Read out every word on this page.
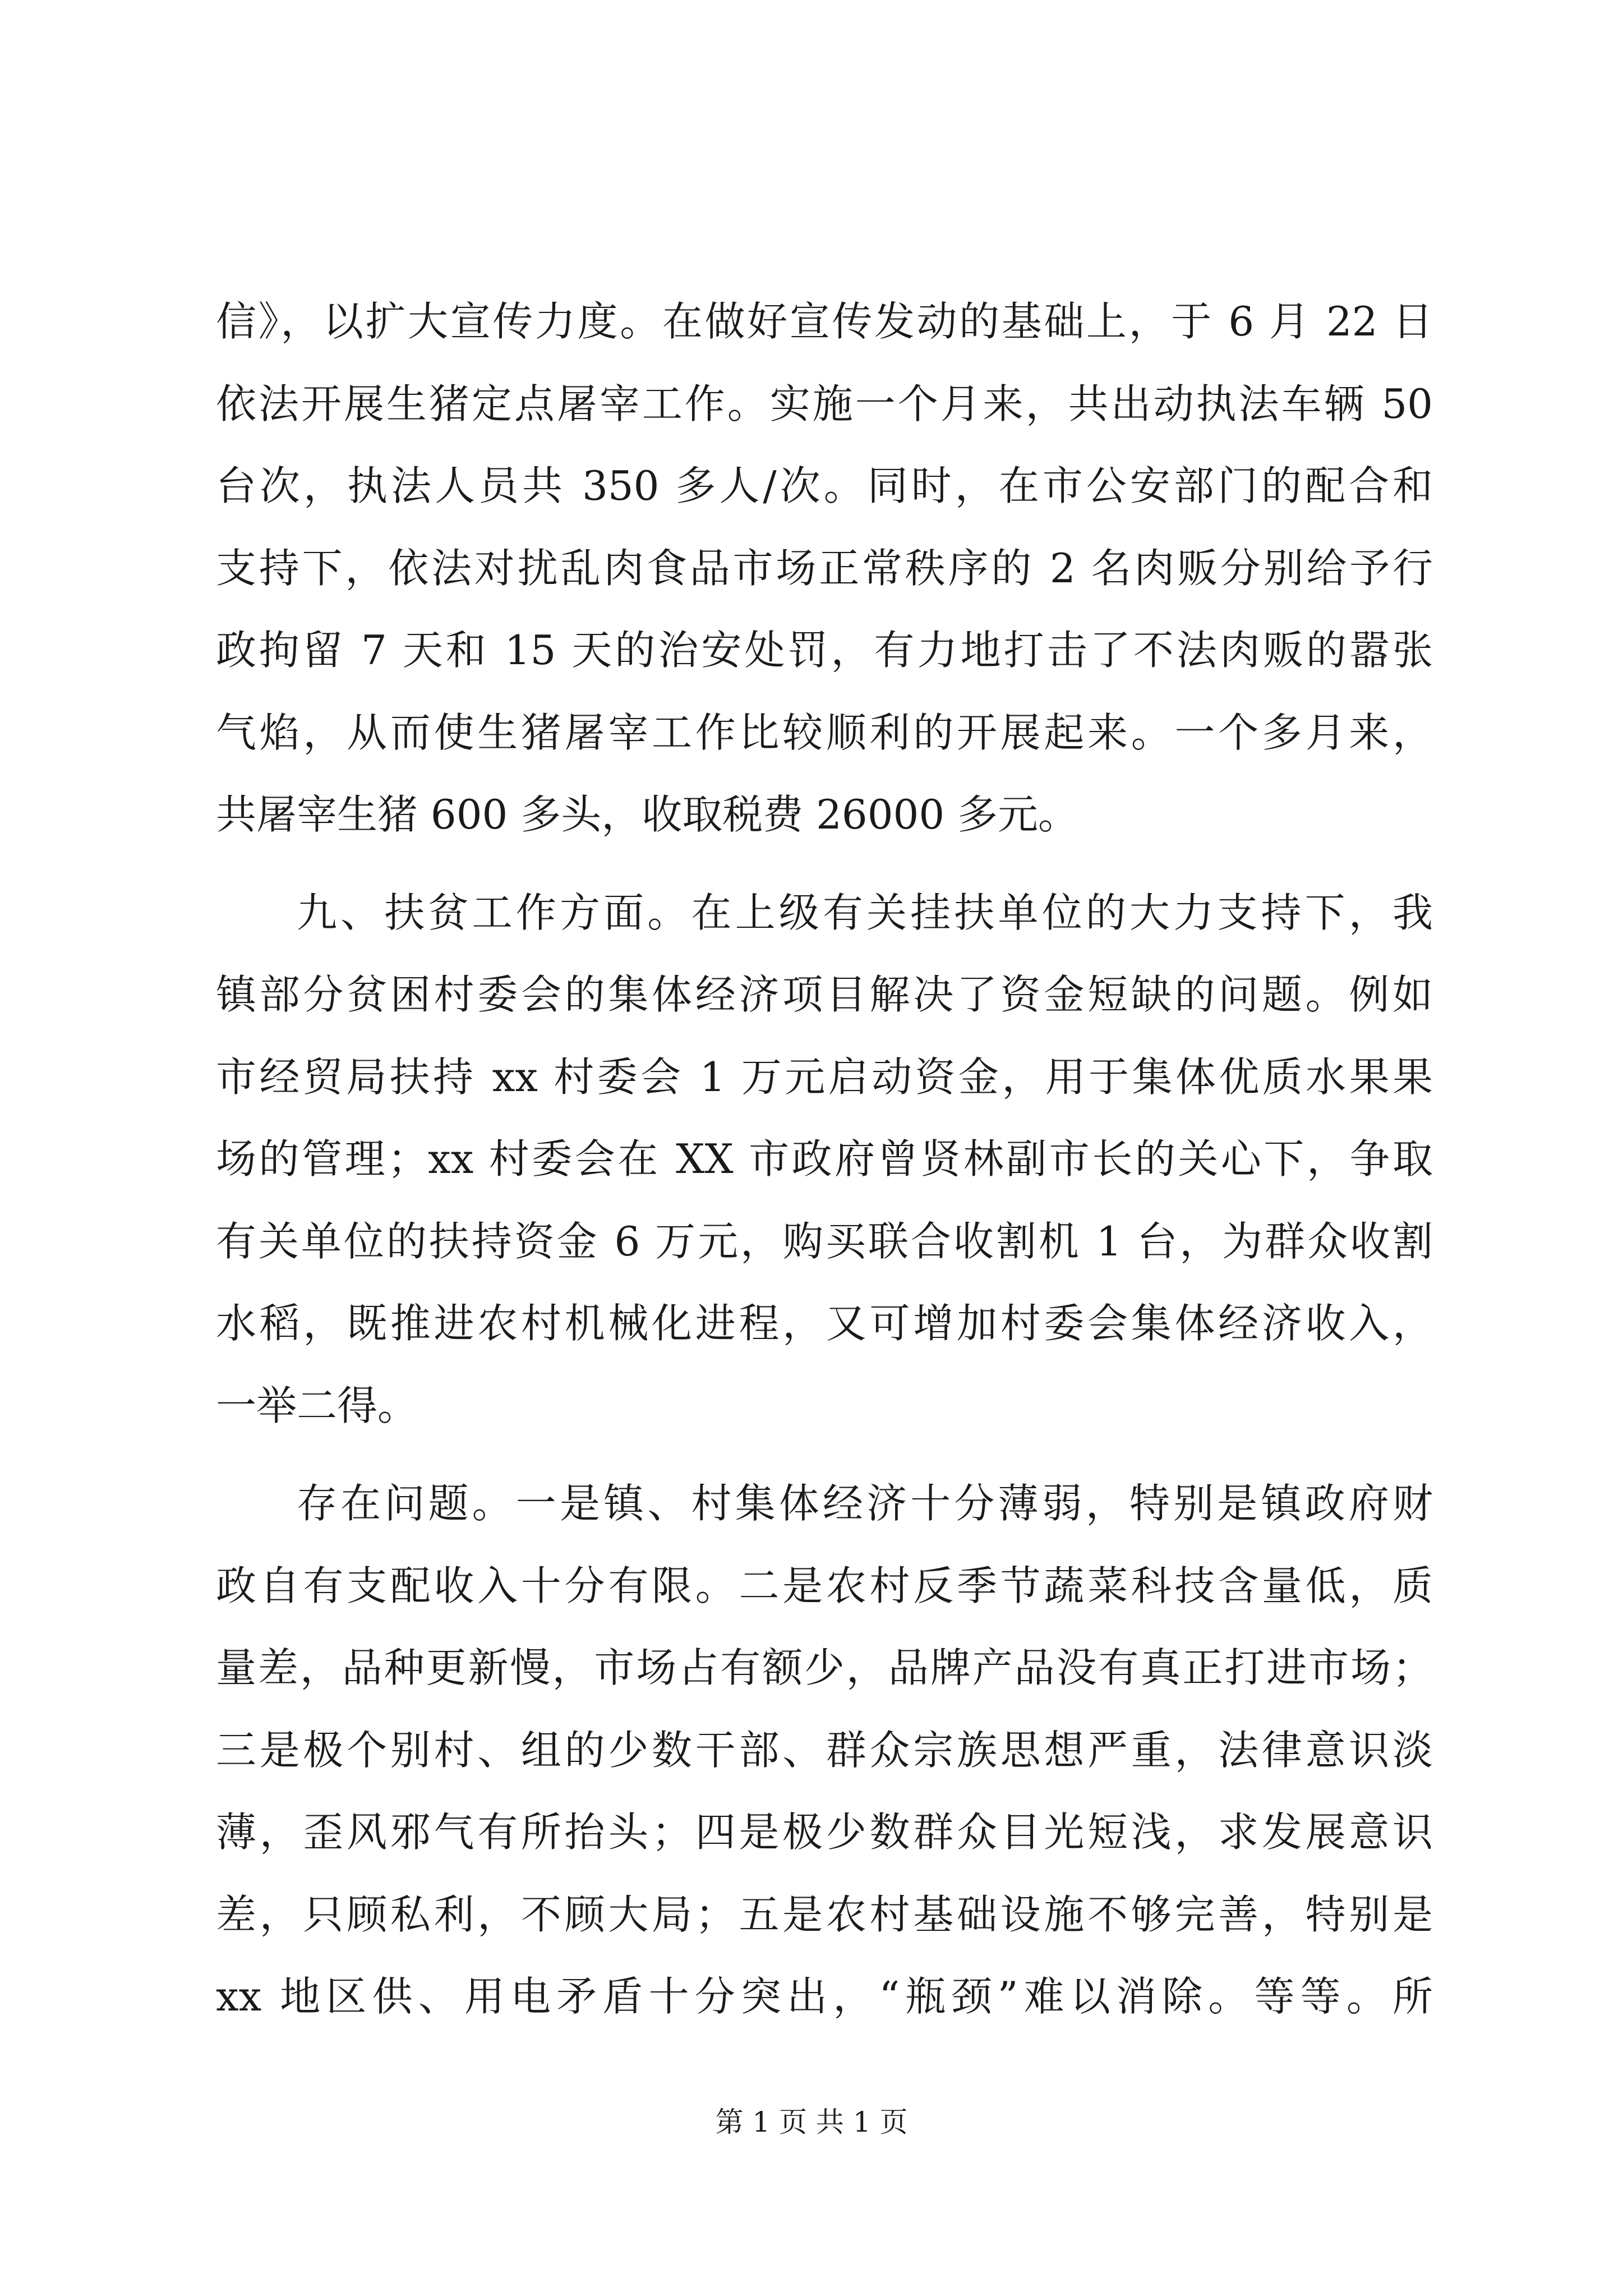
信》，以扩大宣传力度。在做好宣传发动的基础上，于 6 月 22 日
依法开展生猪定点屠宰工作。实施一个月来，共出动执法车辆 50
台次，执法人员共 350 多人/次。同时，在市公安部门的配合和
支持下，依法对扰乱肉食品市场正常秩序的 2 名肉贩分别给予行
政拘留 7 天和 15 天的治安处罚，有力地打击了不法肉贩的嚣张
气焰，从而使生猪屠宰工作比较顺利的开展起来。一个多月来，
共屠宰生猪 600 多头，收取税费 26000 多元。
九、扶贫工作方面。在上级有关挂扶单位的大力支持下，我
镇部分贫困村委会的集体经济项目解决了资金短缺的问题。例如
市经贸局扶持 xx 村委会 1 万元启动资金，用于集体优质水果果
场的管理；xx 村委会在 XX 市政府曾贤林副市长的关心下，争取
有关单位的扶持资金 6 万元，购买联合收割机 1 台，为群众收割
水稻，既推进农村机械化进程，又可增加村委会集体经济收入，
一举二得。
存在问题。一是镇、村集体经济十分薄弱，特别是镇政府财
政自有支配收入十分有限。二是农村反季节蔬菜科技含量低，质
量差，品种更新慢，市场占有额少，品牌产品没有真正打进市场；
三是极个别村、组的少数干部、群众宗族思想严重，法律意识淡
薄，歪风邪气有所抬头；四是极少数群众目光短浅，求发展意识
差，只顾私利，不顾大局；五是农村基础设施不够完善，特别是
xx 地区供、用电矛盾十分突出，“瓶颈”难以消除。等等。所
第 1 页 共 1 页
